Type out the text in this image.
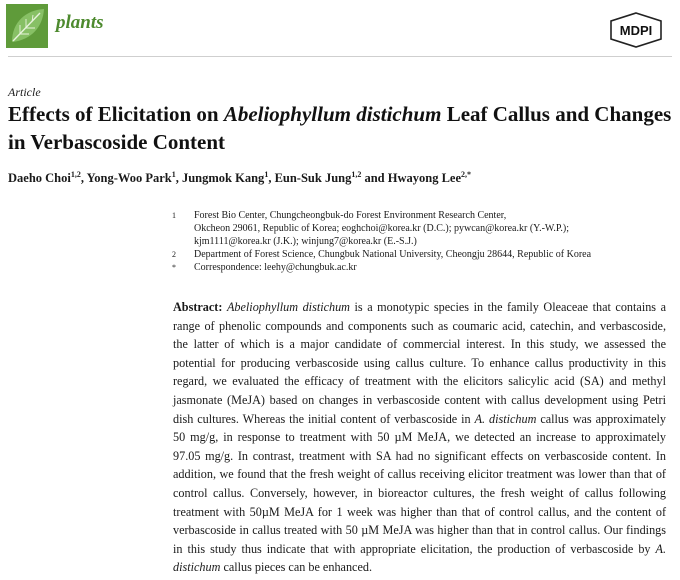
plants	MDPI
Article
Effects of Elicitation on Abeliophyllum distichum Leaf Callus and Changes in Verbascoside Content
Daeho Choi$^{1,2}$, Yong-Woo Park$^1$, Jungmok Kang$^1$, Eun-Suk Jung$^{1,2}$ and Hwayong Lee$^{2,*}$
1 Forest Bio Center, Chungcheongbuk-do Forest Environment Research Center,
Okcheon 29061, Republic of Korea; eoghchoi@korea.kr (D.C.); pywcan@korea.kr (Y.-W.P.);
kjm1111@korea.kr (J.K.); winjung7@korea.kr (E.-S.J.)
2 Department of Forest Science, Chungbuk National University, Cheongju 28644, Republic of Korea
* Correspondence: leehy@chungbuk.ac.kr

Abstract: Abeliophyllum distichum is a monotypic species in the family Oleaceae that contains a range of phenolic compounds and components such as coumaric acid, catechin, and verbascoside, the latter of which is a major candidate of commercial interest. In this study, we assessed the potential for producing verbascoside using callus culture. To enhance callus productivity in this regard, we evaluated the efficacy of treatment with the elicitors salicylic acid (SA) and methyl jasmonate (MeJA) based on changes in verbascoside content with callus development using Petri dish cultures. Whereas the initial content of verbascoside in A. distichum callus was approximately 50 mg/g, in response to treatment with 50 µM MeJA, we detected an increase to approximately 97.05 mg/g. In contrast, treatment with SA had no significant effects on verbascoside content. In addition, we found that the fresh weight of callus receiving elicitor treatment was lower than that of control callus. Conversely, however, in bioreactor cultures, the fresh weight of callus following treatment with 50µM MeJA for 1 week was higher than that of control callus, and the content of verbascoside in callus treated with 50 µM MeJA was higher than that in control callus. Our findings in this study thus indicate that with appropriate elicitation, the production of verbascoside by A. distichum callus pieces can be enhanced.
